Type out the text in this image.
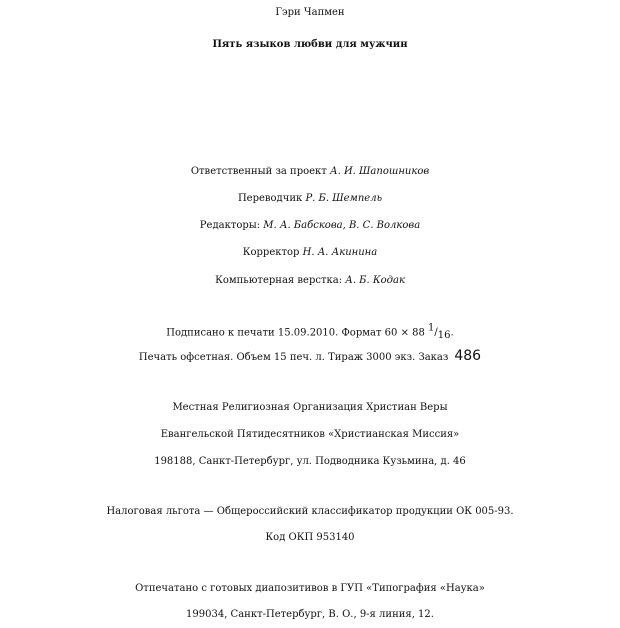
Гэри Чапмен
Пять языков любви для мужчин
Ответственный за проект А. И. Шапошников
Переводчик Р. Б. Шемпель
Редакторы: М. А. Бабскова, В. С. Волкова
Корректор Н. А. Акинина
Компьютерная верстка: А. Б. Кодак
Подписано к печати 15.09.2010. Формат 60 × 88 $^1/_{16}$.
Печать офсетная. Объем 15 печ. л. Тираж 3000 экз. Заказ 486
Местная Религиозная Организация Христиан Веры
Евангельской Пятидесятников «Христианская Миссия»
198188, Санкт-Петербург, ул. Подводника Кузьмина, д. 46
Налоговая льгота — Общероссийский классификатор продукции ОК 005-93.
Код ОКП 953140
Отпечатано с готовых диапозитивов в ГУП «Типография «Наука»
199034, Санкт-Петербург, В. О., 9-я линия, 12.
